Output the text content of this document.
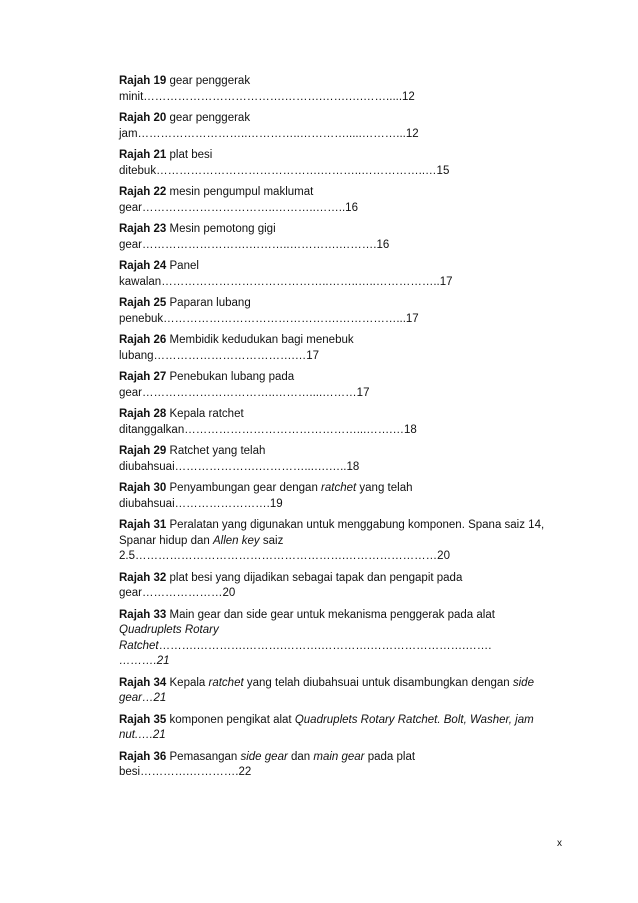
Rajah 19 gear penggerak
minit……………………………….……….…….….…….....12
Rajah 20 gear penggerak
jam………………………..…………..………….....………...12
Rajah 21 plat besi
ditebuk…………………………………….………..……………..…15
Rajah 22 mesin pengumpul maklumat
gear……………………………..………..……..16
Rajah 23 Mesin pemotong gigi
gear……………………….………..………….……….16
Rajah 24 Panel
kawalan……………………………………..……..…..……………..17
Rajah 25 Paparan lubang
penebuk……………………………………….……………...17
Rajah 26 Membidik kedudukan bagi menebuk
lubang……………………………….…17
Rajah 27 Penebukan lubang pada
gear……………………………..………....………17
Rajah 28 Kepala ratchet
ditanggalkan………………………………………...…….…18
Rajah 29 Ratchet yang telah
diubahsuai………………….…………...….…..18
Rajah 30 Penyambungan gear dengan ratchet yang telah
diubahsuai…………………….19
Rajah 31 Peralatan yang digunakan untuk menggabung komponen. Spana saiz 14,
Spanar hidup dan Allen key saiz
2.5……………………………………………….……………………20
Rajah 32 plat besi yang dijadikan sebagai tapak dan pengapit pada
gear…………………20
Rajah 33 Main gear dan side gear untuk mekanisma penggerak pada alat
Quadruplets Rotary
Ratchet……….………….……….……….………….…………………….…….
……….21
Rajah 34 Kepala ratchet yang telah diubahsuai untuk disambungkan dengan side
gear…21
Rajah 35 komponen pengikat alat Quadruplets Rotary Ratchet. Bolt, Washer, jam
nut.….21
Rajah 36 Pemasangan side gear dan main gear pada plat
besi………….………….22
x
